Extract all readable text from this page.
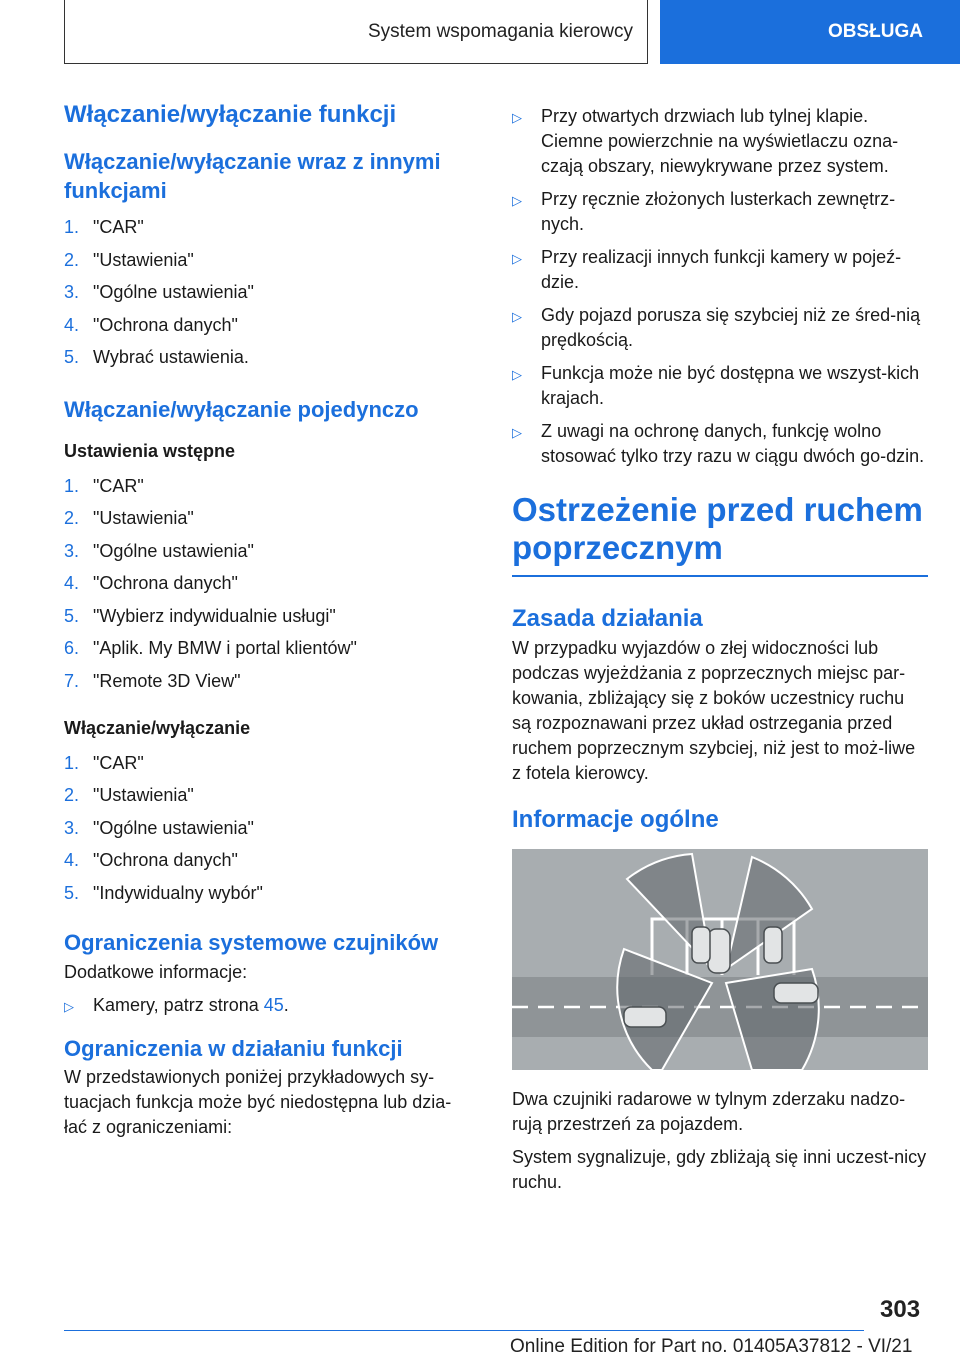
System wspomagania kierowcy	OBSŁUGA
Włączanie/wyłączanie funkcji
Włączanie/wyłączanie wraz z innymi funkcjami
1. "CAR"
2. "Ustawienia"
3. "Ogólne ustawienia"
4. "Ochrona danych"
5. Wybrać ustawienia.
Włączanie/wyłączanie pojedynczo
Ustawienia wstępne
1. "CAR"
2. "Ustawienia"
3. "Ogólne ustawienia"
4. "Ochrona danych"
5. "Wybierz indywidualnie usługi"
6. "Aplik. My BMW i portal klientów"
7. "Remote 3D View"
Włączanie/wyłączanie
1. "CAR"
2. "Ustawienia"
3. "Ogólne ustawienia"
4. "Ochrona danych"
5. "Indywidualny wybór"
Ograniczenia systemowe czujników

Dodatkowe informacje:

▷	Kamery, patrz strona 45.
Ograniczenia w działaniu funkcji

W przedstawionych poniżej przykładowych sy-tuacjach funkcja może być niedostępna lub dzia-łać z ograniczeniami:

▷	Przy otwartych drzwiach lub tylnej klapie. Ciemne powierzchnie na wyświetlaczu ozna-czają obszary, niewykrywane przez system.
▷	Przy ręcznie złożonych lusterkach zewnętrz-nych.
▷	Przy realizacji innych funkcji kamery w pojeź-dzie.
▷	Gdy pojazd porusza się szybciej niż ze śred-nią prędkością.
▷	Funkcja może nie być dostępna we wszyst-kich krajach.
▷	Z uwagi na ochronę danych, funkcję wolno stosować tylko trzy razu w ciągu dwóch go-dzin.
Ostrzeżenie przed ruchem poprzecznym
Zasada działania

W przypadku wyjazdów o złej widoczności lub podczas wyjeżdżania z poprzecznych miejsc par-kowania, zbliżający się z boków uczestnicy ruchu są rozpoznawani przez układ ostrzegania przed ruchem poprzecznym szybciej, niż jest to moż-liwe z fotela kierowcy.

Informacje ogólne

Dwa czujniki radarowe w tylnym zderzaku nadzo-rują przestrzeń za pojazdem.

System sygnalizuje, gdy zbliżają się inni uczest-nicy ruchu.

303
Online Edition for Part no. 01405A37812 - VI/21
